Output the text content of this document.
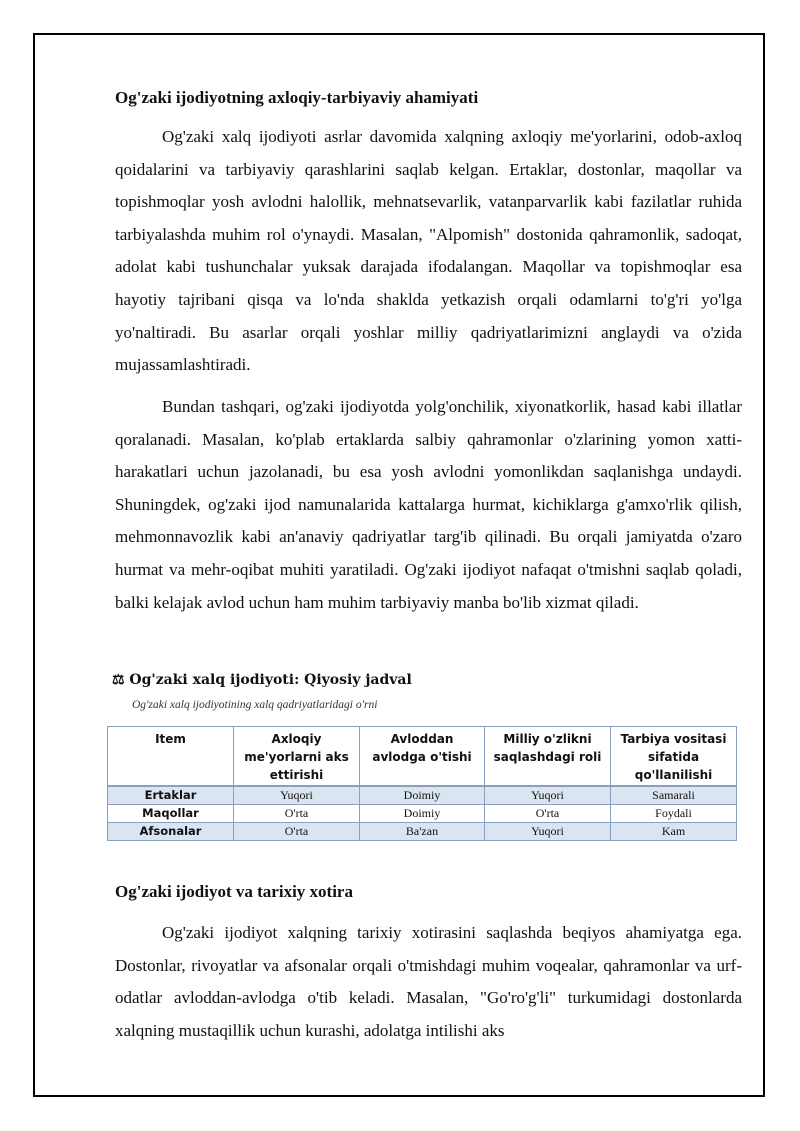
Og'zaki ijodiyotning axloqiy-tarbiyaviy ahamiyati

Og'zaki xalq ijodiyoti asrlar davomida xalqning axloqiy me'yorlarini, odob-axloq qoidalarini va tarbiyaviy qarashlarini saqlab kelgan. Ertaklar, dostonlar, maqollar va topishmoqlar yosh avlodni halollik, mehnatsevarlik, vatanparvarlik kabi fazilatlar ruhida tarbiyalashda muhim rol o'ynaydi. Masalan, "Alpomish" dostonida qahramonlik, sadoqat, adolat kabi tushunchalar yuksak darajada ifodalangan. Maqollar va topishmoqlar esa hayotiy tajribani qisqa va lo'nda shaklda yetkazish orqali odamlarni to'g'ri yo'lga yo'naltiradi. Bu asarlar orqali yoshlar milliy qadriyatlarimizni anglaydi va o'zida mujassamlashtiradi.

Bundan tashqari, og'zaki ijodiyotda yolg'onchilik, xiyonatkorlik, hasad kabi illatlar qoralanadi. Masalan, ko'plab ertaklarda salbiy qahramonlar o'zlarining yomon xatti-harakatlari uchun jazolanadi, bu esa yosh avlodni yomonlikdan saqlanishga undaydi. Shuningdek, og'zaki ijod namunalarida kattalarga hurmat, kichiklarga g'amxo'rlik qilish, mehmonnavozlik kabi an'anaviy qadriyatlar targ'ib qilinadi. Bu orqali jamiyatda o'zaro hurmat va mehr-oqibat muhiti yaratiladi. Og'zaki ijodiyot nafaqat o'tmishni saqlab qoladi, balki kelajak avlod uchun ham muhim tarbiyaviy manba bo'lib xizmat qiladi.

⚖ Og'zaki xalq ijodiyoti: Qiyosiy jadval
Og'zaki xalq ijodiyotining xalq qadriyatlaridagi o'rni
Item	Axloqiy me'yorlarni aks ettirishi	Avloddan avlodga o'tishi	Milliy o'zlikni saqlashdagi roli	Tarbiya vositasi sifatida qo'llanilishi
Ertaklar	Yuqori	Doimiy	Yuqori	Samarali
Maqollar	O'rta	Doimiy	O'rta	Foydali
Afsonalar	O'rta	Ba'zan	Yuqori	Kam
Og'zaki ijodiyot va tarixiy xotira

Og'zaki ijodiyot xalqning tarixiy xotirasini saqlashda beqiyos ahamiyatga ega. Dostonlar, rivoyatlar va afsonalar orqali o'tmishdagi muhim voqealar, qahramonlar va urf-odatlar avloddan-avlodga o'tib keladi. Masalan, "Go'ro'g'li" turkumidagi dostonlarda xalqning mustaqillik uchun kurashi, adolatga intilishi aks
